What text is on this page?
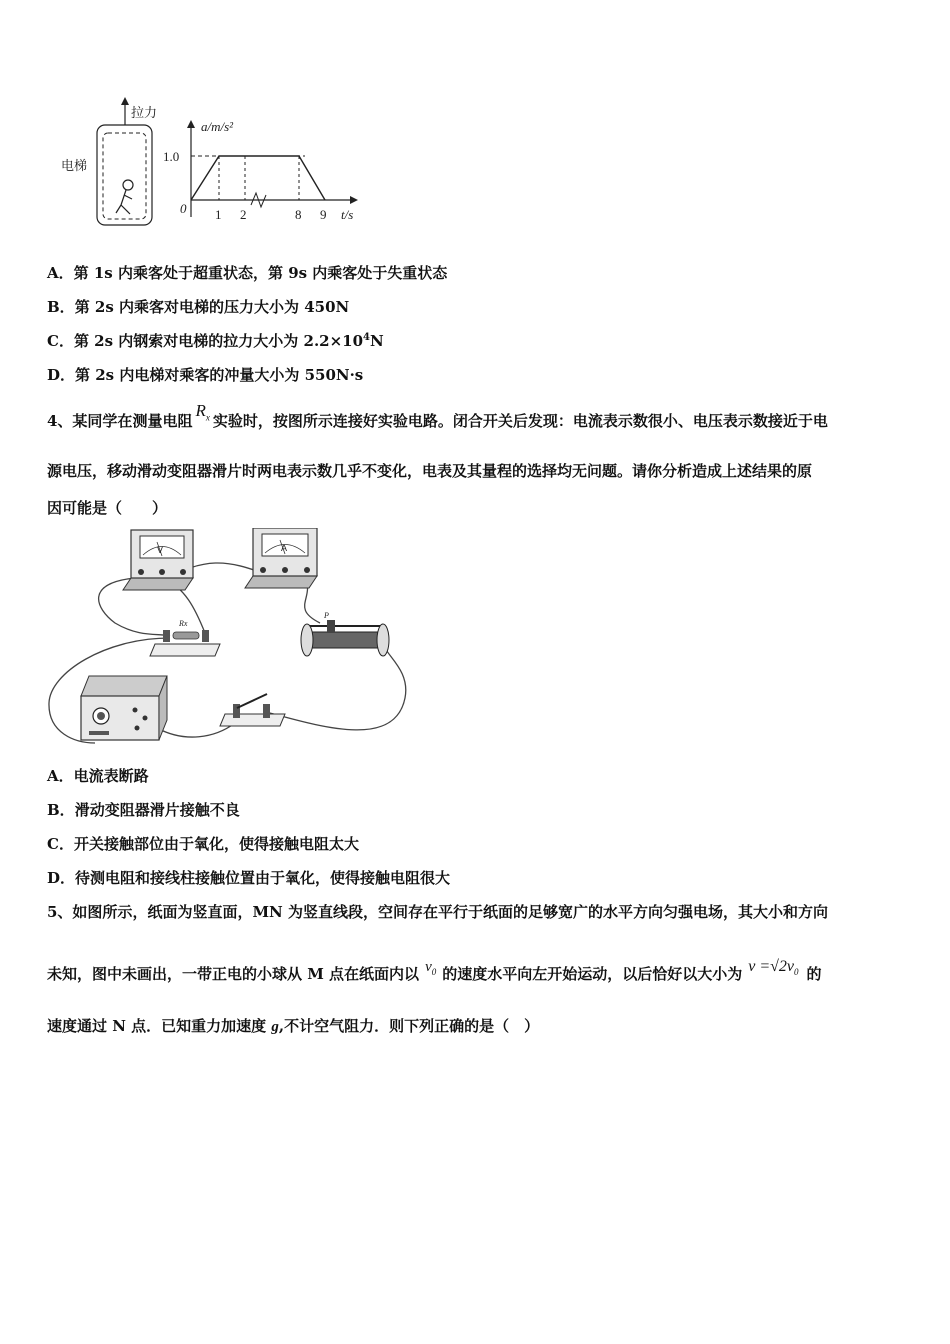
拉力
电梯
a/m/s²
1.0
0 1 2	8 9 t/s
A．第 1s 内乘客处于超重状态，第 9s 内乘客处于失重状态
B．第 2s 内乘客对电梯的压力大小为 450N
C．第 2s 内钢索对电梯的拉力大小为 $2.2\times 10^4N$
D．第 2s 内电梯对乘客的冲量大小为 550N·s
4、某同学在测量电阻$R_x$ 实验时，按图所示连接好实验电路。闭合开关后发现：电流表示数很小、电压表示数接近于电
源电压，移动滑动变阻器滑片时两电表示数几乎不变化，电表及其量程的选择均无问题。请你分析造成上述结果的原
因可能是（　　）
V	A
Rx
P
A．电流表断路
B．滑动变阻器滑片接触不良
C．开关接触部位由于氧化，使得接触电阻太大
D．待测电阻和接线柱接触位置由于氧化，使得接触电阻很大
5、如图所示，纸面为竖直面，MN 为竖直线段，空间存在平行于纸面的足够宽广的水平方向匀强电场，其大小和方向
未知，图中未画出，一带正电的小球从 M 点在纸面内以 $v_0$ 的速度水平向左开始运动，以后恰好以大小为 $v =√2v_0$ 的
速度通过 N 点．已知重力加速度 g,不计空气阻力．则下列正确的是（　）
